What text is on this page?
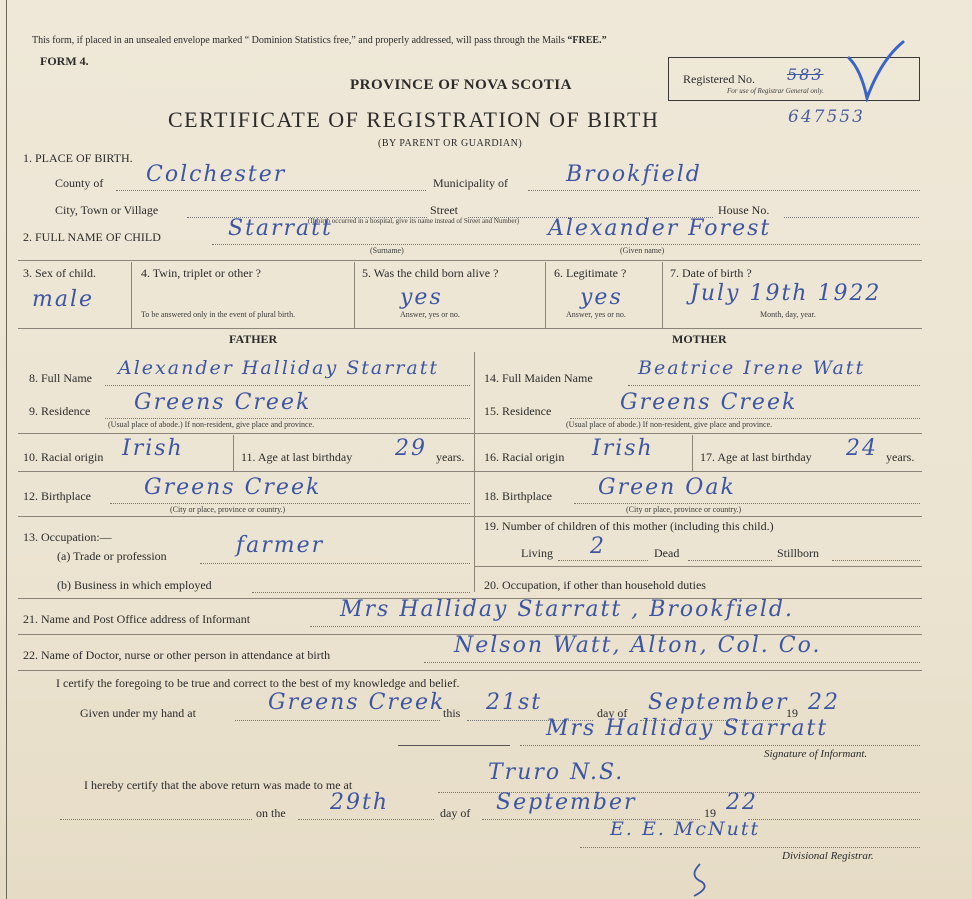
This form, if placed in an unsealed envelope marked “ Dominion Statistics free,” and properly addressed, will pass through the Mails “FREE.”
FORM 4.
PROVINCE OF NOVA SCOTIA
CERTIFICATE OF REGISTRATION OF BIRTH
(BY PARENT OR GUARDIAN)
647553
Registered No. 583
For use of Registrar General only.
1. PLACE OF BIRTH.
County of Colchester	Municipality of	Brookfield
City, Town or Village	Street	House No.
2. FULL NAME OF CHILD
(If birth occurred in a hospital, give its name instead of Street and Number)
Starratt	Alexander Forest
(Surname)	(Given name)
3. Sex of child.
male
4. Twin, triplet or other ?
To be answered only in the event of plural birth.
5. Was the child born alive ?
yes
Answer, yes or no.
6. Legitimate ?
yes
Answer, yes or no.
7. Date of birth ?
July 19th 1922
Month, day, year.
FATHER	MOTHER
8. Full Name Alexander Halliday Starratt
9. Residence Greens Creek
(Usual place of abode.) If non-resident, give place and province.
10. Racial origin Irish	11. Age at last birthday 29 years.
12. Birthplace Greens Creek
(City or place, province or country.)
13. Occupation:—
(a) Trade or profession	farmer
(b) Business in which employed
14. Full Maiden Name Beatrice Irene Watt
15. Residence	Greens Creek
(Usual place of abode.) If non-resident, give place and province.
16. Racial origin Irish	17. Age at last birthday 24 years.
18. Birthplace Green Oak
(City or place, province or country.)
19. Number of children of this mother (including this child.)
Living 2	Dead	Stillborn
20. Occupation, if other than household duties
21. Name and Post Office address of Informant	Mrs Halliday Starratt , Brookfield.
22. Name of Doctor, nurse or other person in attendance at birth	Nelson Watt, Alton, Col. Co.
I certify the foregoing to be true and correct to the best of my knowledge and belief.
Given under my hand at	Greens Creek
this 21st	day of September
19 22
Mrs Halliday Starratt
Signature of Informant.
I hereby certify that the above return was made to me at	Truro N.S.
on the 29th	day of September	19 22
E. E. McNutt
Divisional Registrar.
